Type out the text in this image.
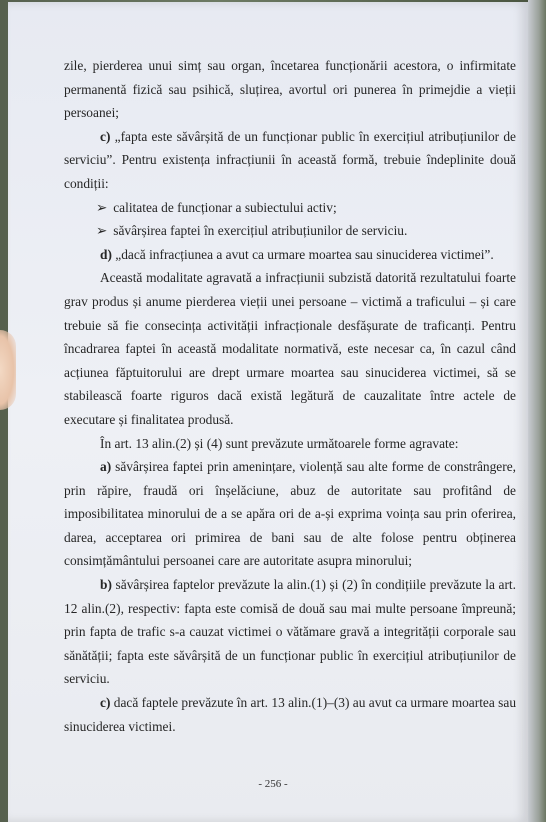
zile, pierderea unui simț sau organ, încetarea funcționării acestora, o infirmitate permanentă fizică sau psihică, sluțirea, avortul ori punerea în primejdie a vieții persoanei;

c) „fapta este săvârșită de un funcționar public în exercițiul atribuțiunilor de serviciu”. Pentru existența infracțiunii în această formă, trebuie îndeplinite două condiții:

➢ calitatea de funcționar a subiectului activ;

➢ săvârșirea faptei în exercițiul atribuțiunilor de serviciu.

d) „dacă infracțiunea a avut ca urmare moartea sau sinuciderea victimei”.

Această modalitate agravată a infracțiunii subzistă datorită rezultatului foarte grav produs și anume pierderea vieții unei persoane – victimă a traficului – și care trebuie să fie consecința activității infracționale desfășurate de traficanți. Pentru încadrarea faptei în această modalitate normativă, este necesar ca, în cazul când acțiunea făptuitorului are drept urmare moartea sau sinuciderea victimei, să se stabilească foarte riguros dacă există legătură de cauzalitate între actele de executare și finalitatea produsă.

În art. 13 alin.(2) și (4) sunt prevăzute următoarele forme agravate:

a) săvârșirea faptei prin amenințare, violență sau alte forme de constrângere, prin răpire, fraudă ori înșelăciune, abuz de autoritate sau profitând de imposibilitatea minorului de a se apăra ori de a-și exprima voința sau prin oferirea, darea, acceptarea ori primirea de bani sau de alte folosе pentru obținerea consimțământului persoanei care are autoritate asupra minorului;

b) săvârșirea faptelor prevăzute la alin.(1) și (2) în condițiile prevăzute la art. 12 alin.(2), respectiv: fapta este comisă de două sau mai multe persoane împreună; prin fapta de trafic s-a cauzat victimei o vătămare gravă a integrității corporale sau sănătății; fapta este săvârșită de un funcționar public în exercițiul atribuțiunilor de serviciu.

c) dacă faptele prevăzute în art. 13 alin.(1)–(3) au avut ca urmare moartea sau sinuciderea victimei.

- 256 -
